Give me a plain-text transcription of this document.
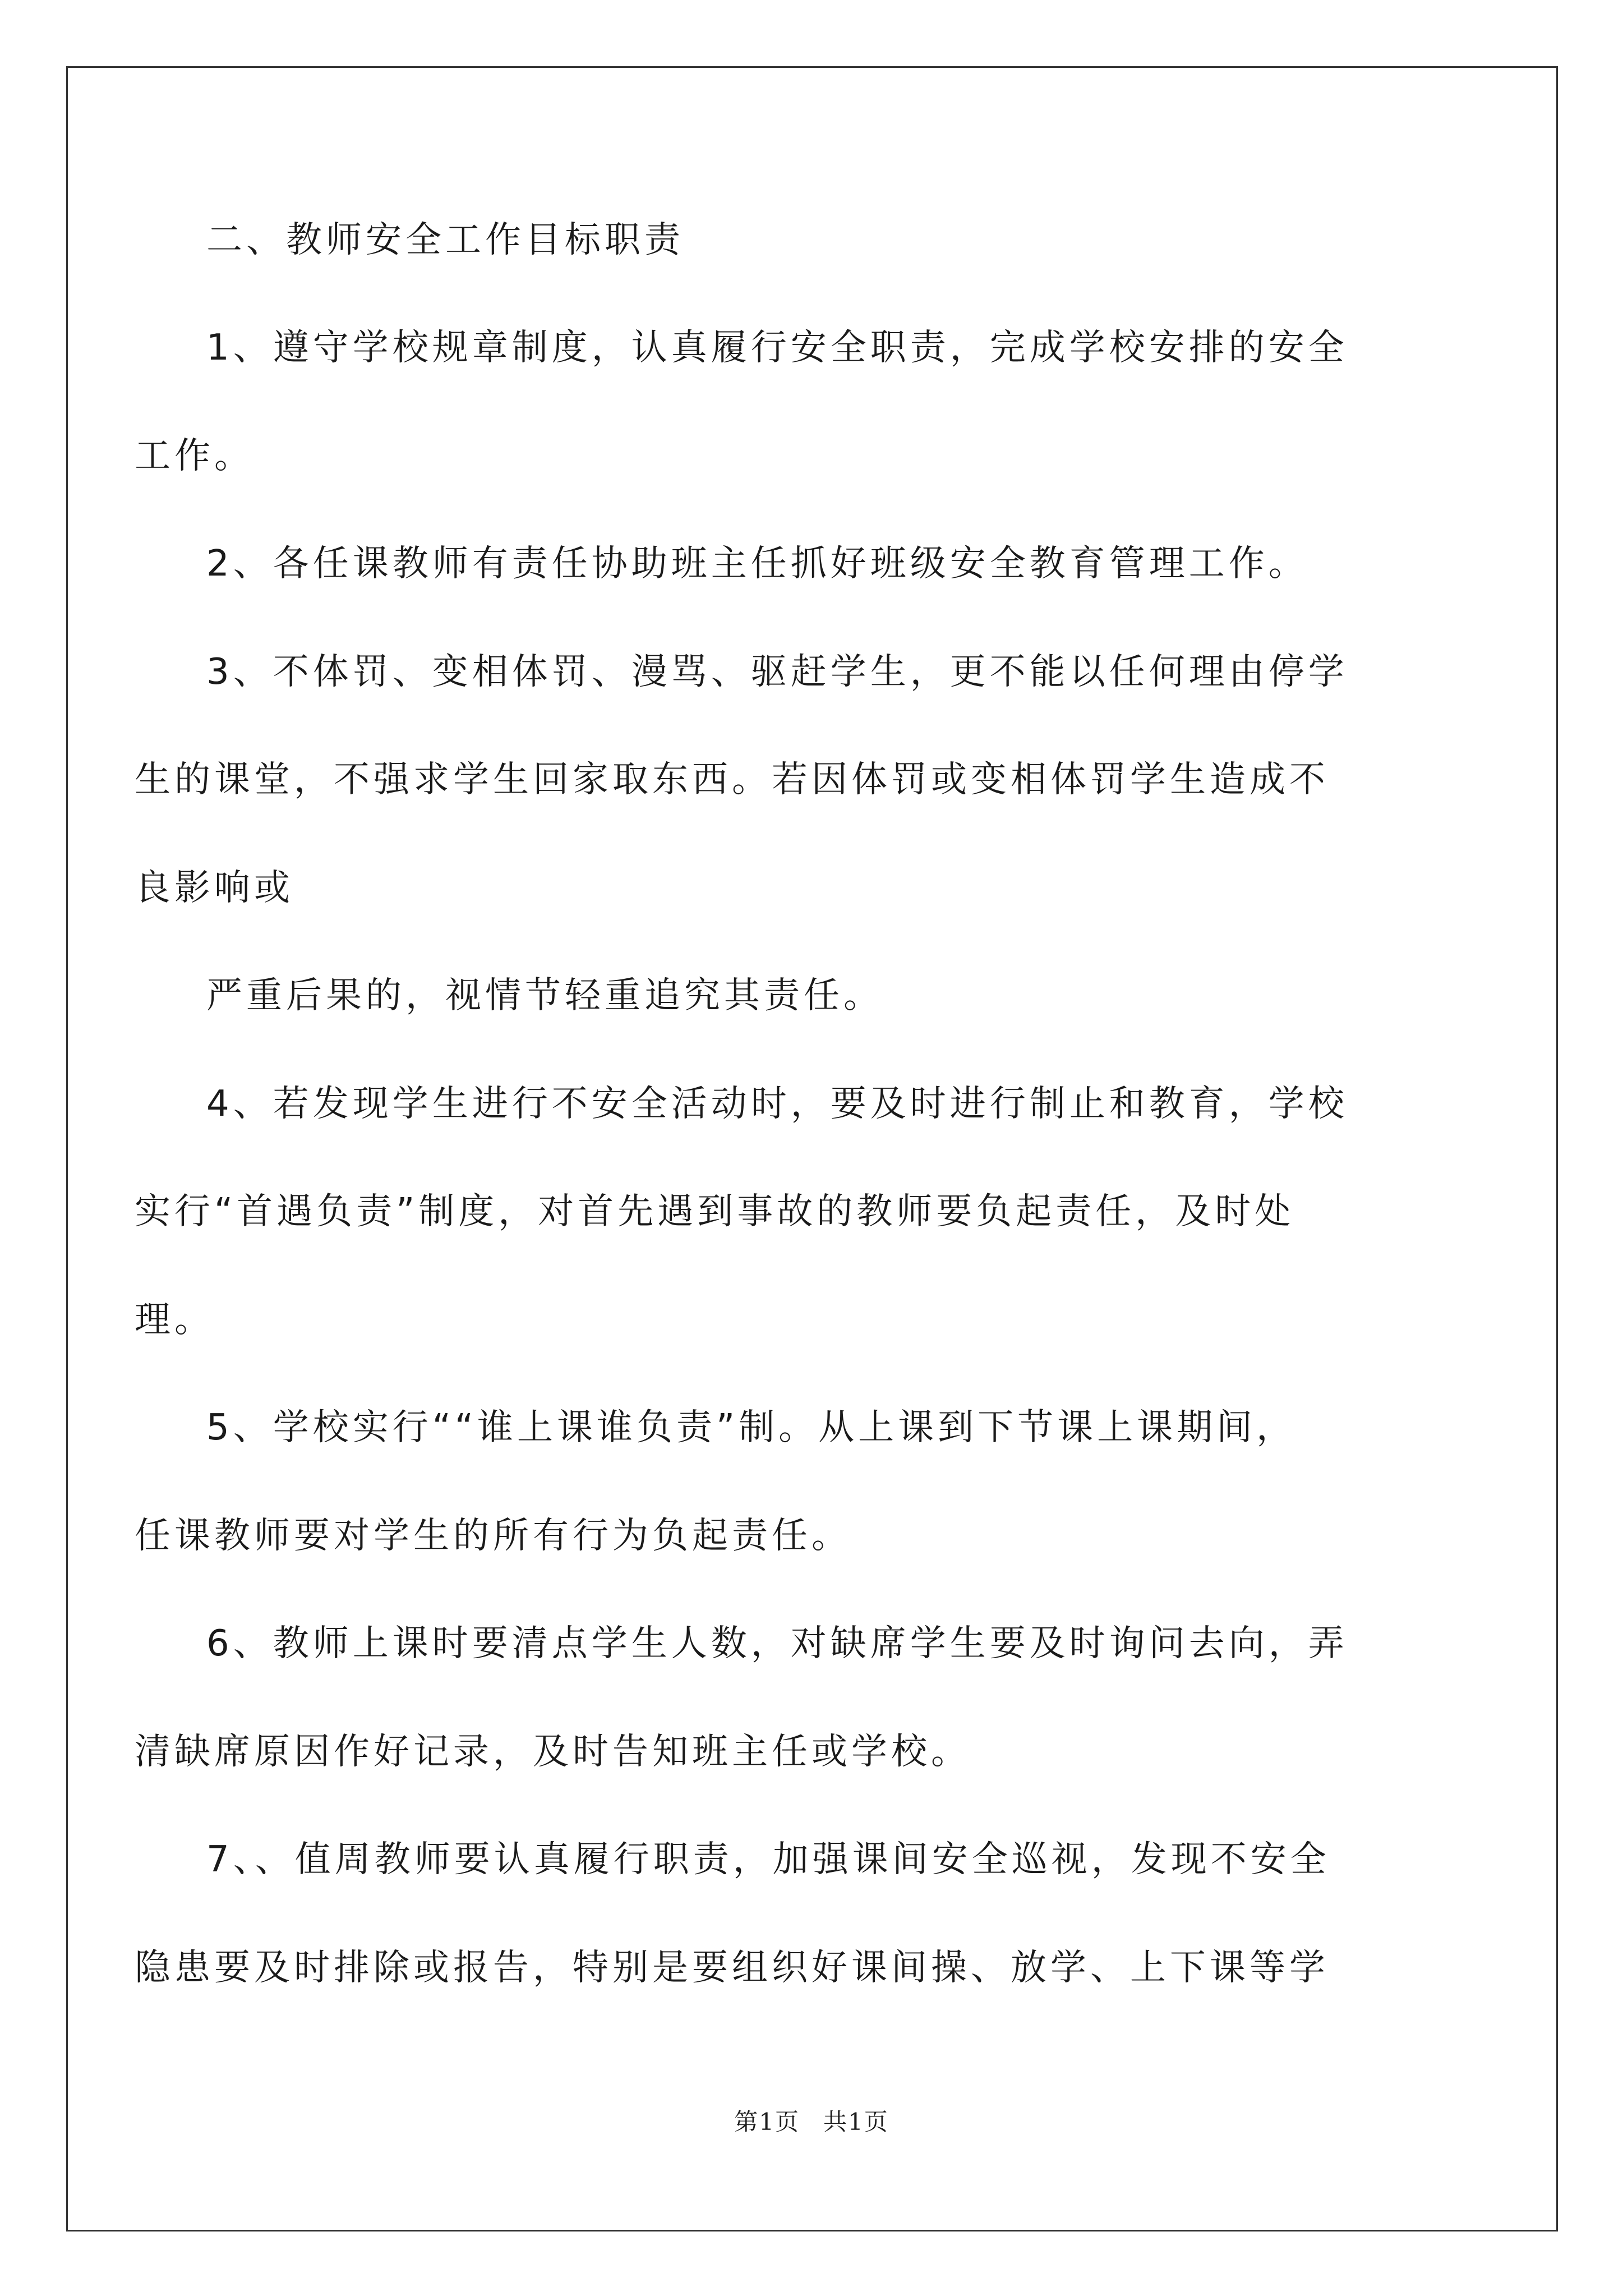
二、教师安全工作目标职责
1、遵守学校规章制度，认真履行安全职责，完成学校安排的安全
工作。
2、各任课教师有责任协助班主任抓好班级安全教育管理工作。
3、不体罚、变相体罚、漫骂、驱赶学生，更不能以任何理由停学
生的课堂，不强求学生回家取东西。若因体罚或变相体罚学生造成不
良影响或
严重后果的，视情节轻重追究其责任。
4、若发现学生进行不安全活动时，要及时进行制止和教育，学校
实行“首遇负责”制度，对首先遇到事故的教师要负起责任，及时处
理。
5、学校实行““谁上课谁负责”制。从上课到下节课上课期间，
任课教师要对学生的所有行为负起责任。
6、教师上课时要清点学生人数，对缺席学生要及时询问去向，弄
清缺席原因作好记录，及时告知班主任或学校。
7、、值周教师要认真履行职责，加强课间安全巡视，发现不安全
隐患要及时排除或报告，特别是要组织好课间操、放学、上下课等学
第1页 共1页
